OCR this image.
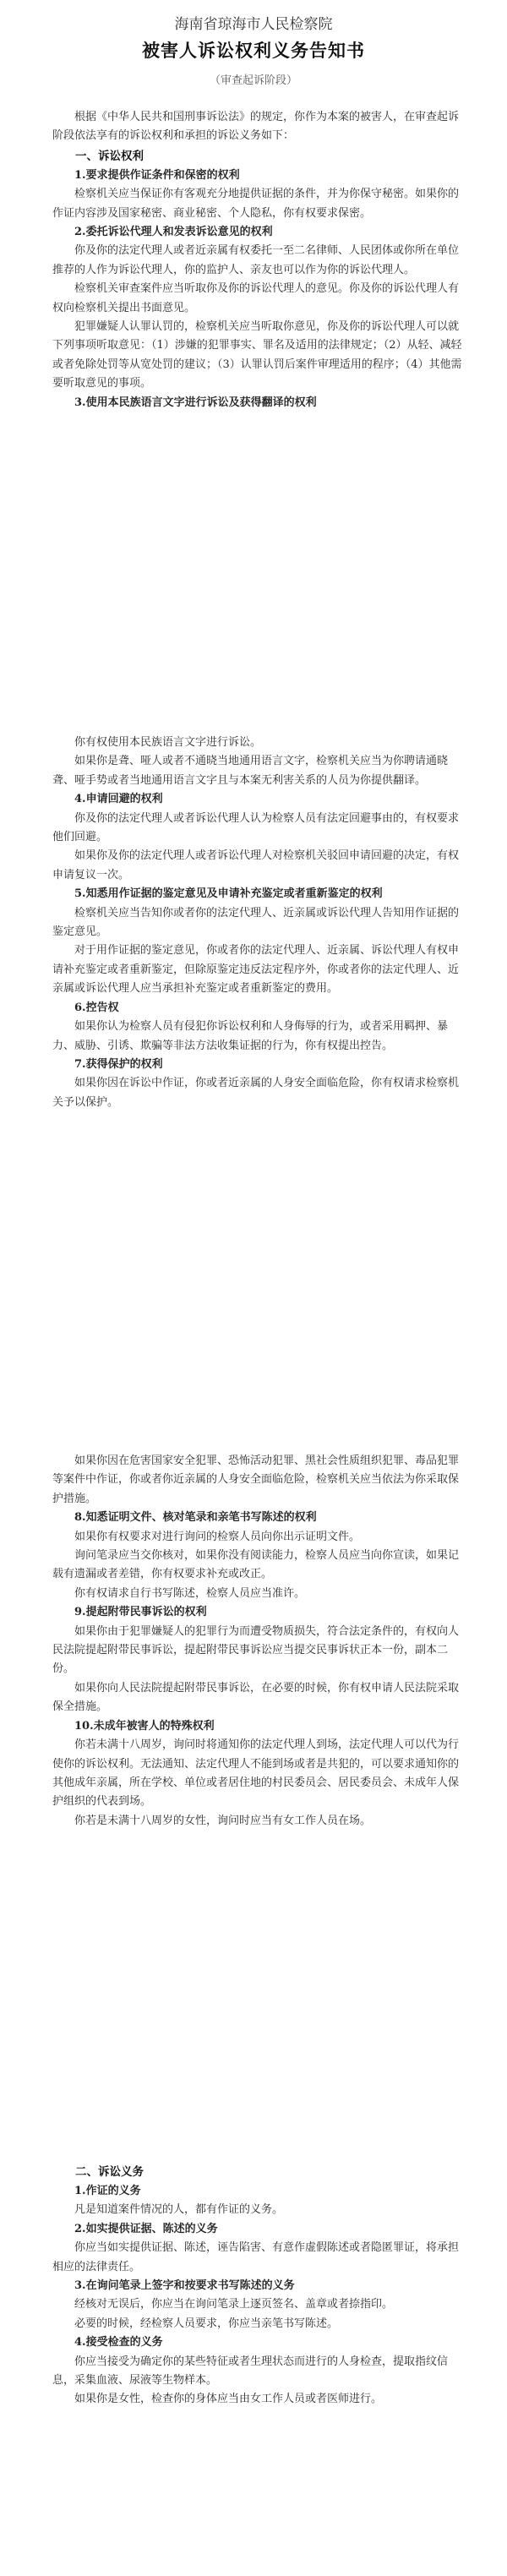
海南省琼海市人民检察院
被害人诉讼权利义务告知书
（审查起诉阶段）

根据《中华人民共和国刑事诉讼法》的规定，你作为本案的被害人，在审查起诉阶段依法享有的诉讼权利和承担的诉讼义务如下：

一、诉讼权利

1.要求提供作证条件和保密的权利

检察机关应当保证你有客观充分地提供证据的条件，并为你保守秘密。如果你的作证内容涉及国家秘密、商业秘密、个人隐私，你有权要求保密。

2.委托诉讼代理人和发表诉讼意见的权利

你及你的法定代理人或者近亲属有权委托一至二名律师、人民团体或你所在单位推荐的人作为诉讼代理人，你的监护人、亲友也可以作为你的诉讼代理人。

检察机关审查案件应当听取你及你的诉讼代理人的意见。你及你的诉讼代理人有权向检察机关提出书面意见。

犯罪嫌疑人认罪认罚的，检察机关应当听取你意见，你及你的诉讼代理人可以就下列事项听取意见：（1）涉嫌的犯罪事实、罪名及适用的法律规定；（2）从轻、减轻或者免除处罚等从宽处罚的建议；（3）认罪认罚后案件审理适用的程序；（4）其他需要听取意见的事项。

3.使用本民族语言文字进行诉讼及获得翻译的权利

你有权使用本民族语言文字进行诉讼。

如果你是聋、哑人或者不通晓当地通用语言文字，检察机关应当为你聘请通晓聋、哑手势或者当地通用语言文字且与本案无利害关系的人员为你提供翻译。

4.申请回避的权利

你及你的法定代理人或者诉讼代理人认为检察人员有法定回避事由的，有权要求他们回避。

如果你及你的法定代理人或者诉讼代理人对检察机关驳回申请回避的决定，有权申请复议一次。

5.知悉用作证据的鉴定意见及申请补充鉴定或者重新鉴定的权利

检察机关应当告知你或者你的法定代理人、近亲属或诉讼代理人告知用作证据的鉴定意见。

对于用作证据的鉴定意见，你或者你的法定代理人、近亲属、诉讼代理人有权申请补充鉴定或者重新鉴定，但除原鉴定违反法定程序外，你或者你的法定代理人、近亲属或诉讼代理人应当承担补充鉴定或者重新鉴定的费用。

6.控告权

如果你认为检察人员有侵犯你诉讼权利和人身侮辱的行为，或者采用羁押、暴力、威胁、引诱、欺骗等非法方法收集证据的行为，你有权提出控告。

7.获得保护的权利

如果你因在诉讼中作证，你或者近亲属的人身安全面临危险，你有权请求检察机关予以保护。

如果你因在危害国家安全犯罪、恐怖活动犯罪、黑社会性质组织犯罪、毒品犯罪等案件中作证，你或者你近亲属的人身安全面临危险，检察机关应当依法为你采取保护措施。

8.知悉证明文件、核对笔录和亲笔书写陈述的权利

如果你有权要求对进行询问的检察人员向你出示证明文件。

询问笔录应当交你核对，如果你没有阅读能力，检察人员应当向你宣读，如果记载有遗漏或者差错，你有权要求补充或改正。

你有权请求自行书写陈述，检察人员应当准许。

9.提起附带民事诉讼的权利

如果你由于犯罪嫌疑人的犯罪行为而遭受物质损失，符合法定条件的，有权向人民法院提起附带民事诉讼，提起附带民事诉讼应当提交民事诉状正本一份，副本二份。

如果你向人民法院提起附带民事诉讼，在必要的时候，你有权申请人民法院采取保全措施。

10.未成年被害人的特殊权利

你若未满十八周岁，询问时将通知你的法定代理人到场，法定代理人可以代为行使你的诉讼权利。无法通知、法定代理人不能到场或者是共犯的，可以要求通知你的其他成年亲属，所在学校、单位或者居住地的村民委员会、居民委员会、未成年人保护组织的代表到场。

你若是未满十八周岁的女性，询问时应当有女工作人员在场。

二、诉讼义务

1.作证的义务

凡是知道案件情况的人，都有作证的义务。

2.如实提供证据、陈述的义务

你应当如实提供证据、陈述，诬告陷害、有意作虚假陈述或者隐匿罪证，将承担相应的法律责任。

3.在询问笔录上签字和按要求书写陈述的义务

经核对无误后，你应当在询问笔录上逐页签名、盖章或者捺指印。

必要的时候，经检察人员要求，你应当亲笔书写陈述。

4.接受检查的义务

你应当接受为确定你的某些特征或者生理状态而进行的人身检查，提取指纹信息，采集血液、尿液等生物样本。

如果你是女性，检查你的身体应当由女工作人员或者医师进行。
